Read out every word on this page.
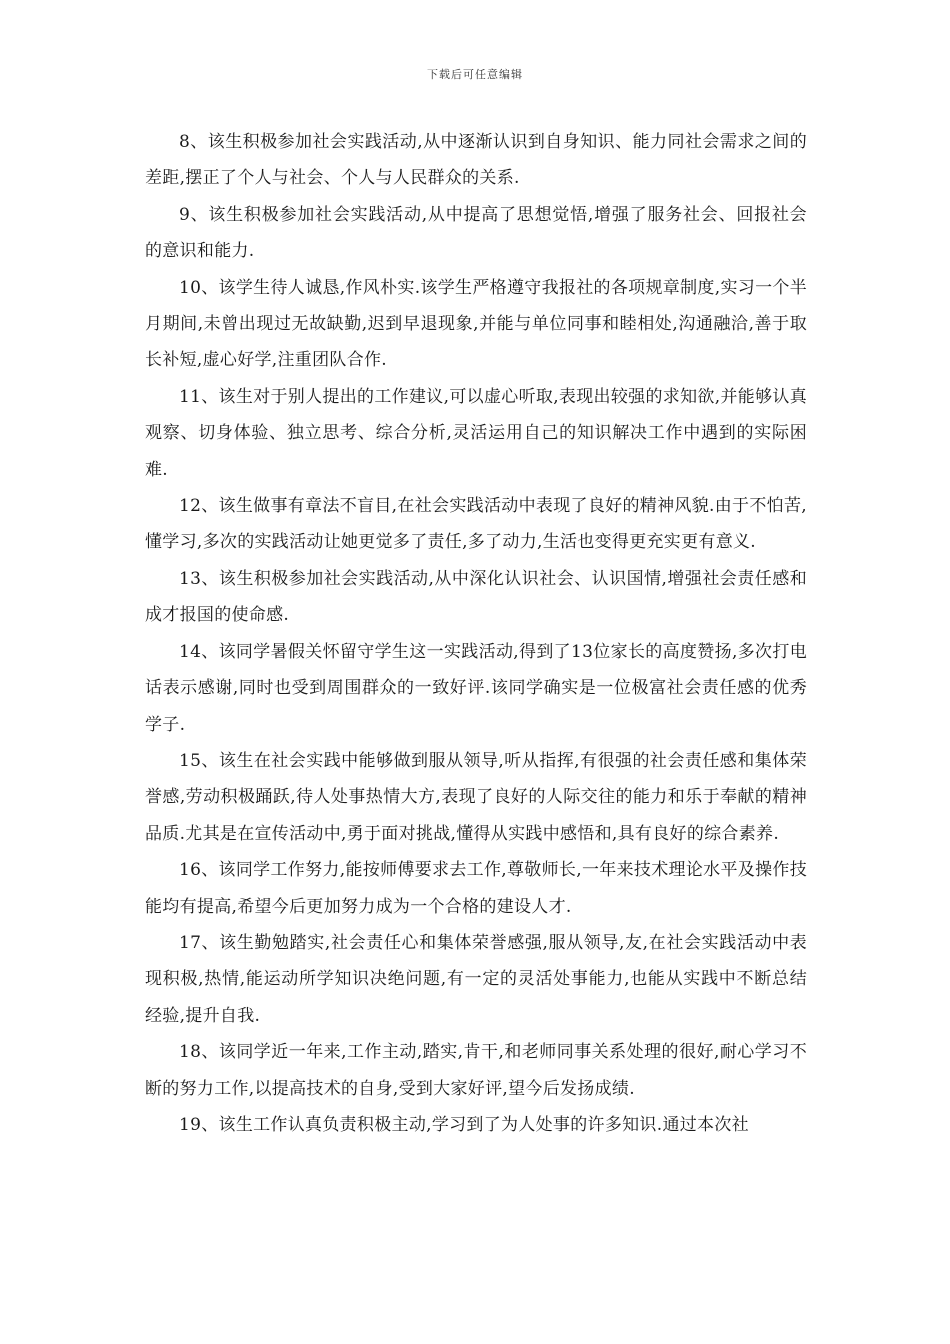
下载后可任意编辑

8、该生积极参加社会实践活动,从中逐渐认识到自身知识、能力同社会需求之间的差距,摆正了个人与社会、个人与人民群众的关系.

9、该生积极参加社会实践活动,从中提高了思想觉悟,增强了服务社会、回报社会的意识和能力.

10、该学生待人诚恳,作风朴实.该学生严格遵守我报社的各项规章制度,实习一个半月期间,未曾出现过无故缺勤,迟到早退现象,并能与单位同事和睦相处,沟通融洽,善于取长补短,虚心好学,注重团队合作.

11、该生对于别人提出的工作建议,可以虚心听取,表现出较强的求知欲,并能够认真观察、切身体验、独立思考、综合分析,灵活运用自己的知识解决工作中遇到的实际困难.

12、该生做事有章法不盲目,在社会实践活动中表现了良好的精神风貌.由于不怕苦,懂学习,多次的实践活动让她更觉多了责任,多了动力,生活也变得更充实更有意义.

13、该生积极参加社会实践活动,从中深化认识社会、认识国情,增强社会责任感和成才报国的使命感.

14、该同学暑假关怀留守学生这一实践活动,得到了13位家长的高度赞扬,多次打电话表示感谢,同时也受到周围群众的一致好评.该同学确实是一位极富社会责任感的优秀学子.

15、该生在社会实践中能够做到服从领导,听从指挥,有很强的社会责任感和集体荣誉感,劳动积极踊跃,待人处事热情大方,表现了良好的人际交往的能力和乐于奉献的精神品质.尤其是在宣传活动中,勇于面对挑战,懂得从实践中感悟和,具有良好的综合素养.

16、该同学工作努力,能按师傅要求去工作,尊敬师长,一年来技术理论水平及操作技能均有提高,希望今后更加努力成为一个合格的建设人才.

17、该生勤勉踏实,社会责任心和集体荣誉感强,服从领导,友,在社会实践活动中表现积极,热情,能运动所学知识决绝问题,有一定的灵活处事能力,也能从实践中不断总结经验,提升自我.

18、该同学近一年来,工作主动,踏实,肯干,和老师同事关系处理的很好,耐心学习不断的努力工作,以提高技术的自身,受到大家好评,望今后发扬成绩.

19、该生工作认真负责积极主动,学习到了为人处事的许多知识.通过本次社
